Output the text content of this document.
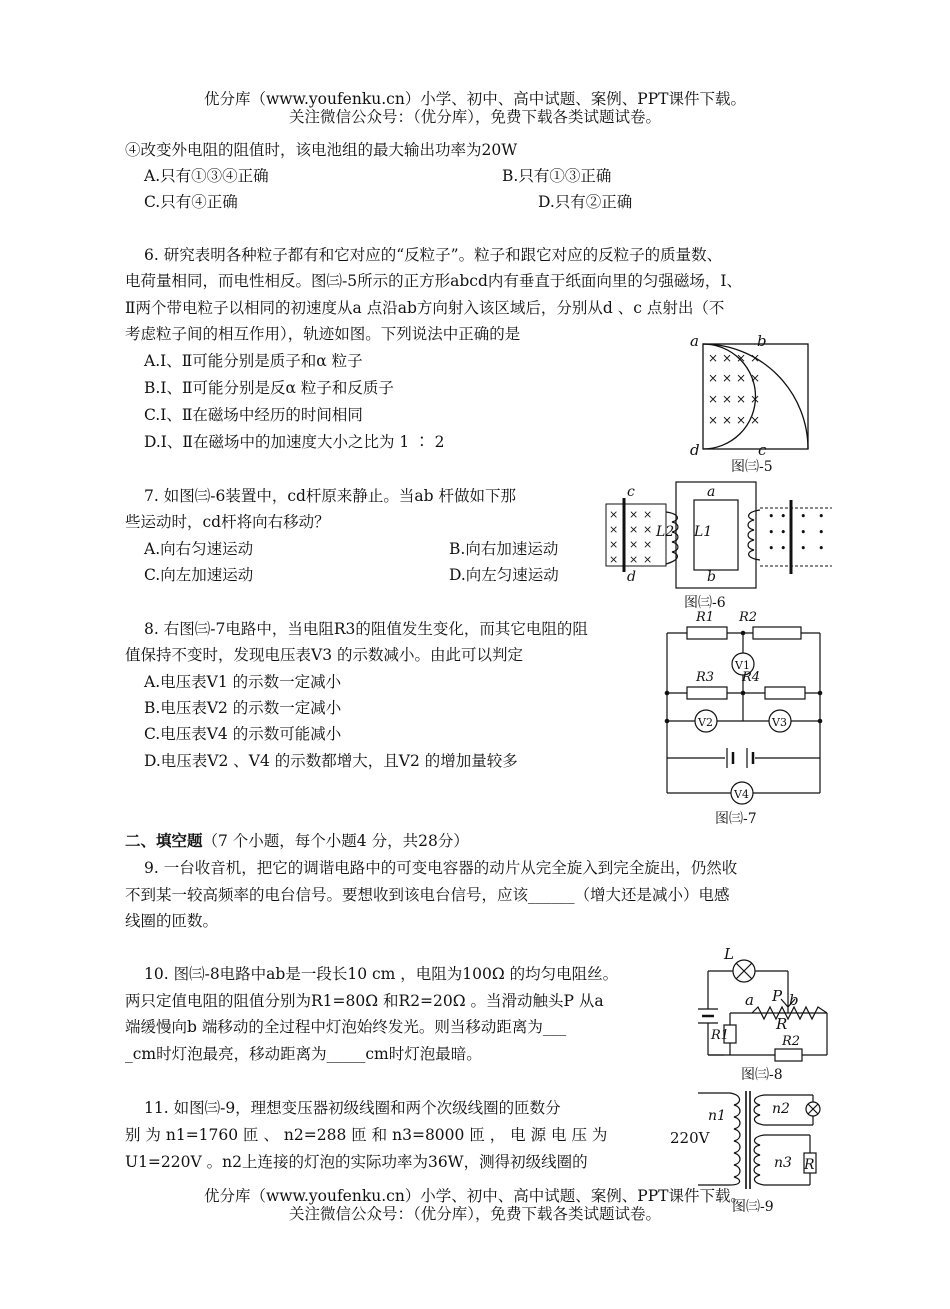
优分库（www.youfenku.cn）小学、初中、高中试题、案例、PPT课件下载。
关注微信公众号：（优分库），免费下载各类试题试卷。
④改变外电阻的阻值时，该电池组的最大输出功率为20W
A.只有①③④正确	B.只有①③正确
C.只有④正确	D.只有②正确
6. 研究表明各种粒子都有和它对应的“反粒子”。粒子和跟它对应的反粒子的质量数、
电荷量相同，而电性相反。图㈢-5所示的正方形abcd内有垂直于纸面向里的匀强磁场，Ⅰ、
Ⅱ两个带电粒子以相同的初速度从a 点沿ab方向射入该区域后，分别从d 、c 点射出（不
考虑粒子间的相互作用），轨迹如图。下列说法中正确的是
A.Ⅰ、Ⅱ可能分别是质子和α 粒子
B.Ⅰ、Ⅱ可能分别是反α 粒子和反质子
C.Ⅰ、Ⅱ在磁场中经历的时间相同
D.Ⅰ、Ⅱ在磁场中的加速度大小之比为 1 ∶ 2
× × × ×
× × × ×
× × × ×
× × × ×
a	b
d	c
图㈢-5
7. 如图㈢-6装置中，cd杆原来静止。当ab 杆做如下那
些运动时，cd杆将向右移动？
A.向右匀速运动	B.向右加速运动
C.向左加速运动	D.向左匀速运动
× × ×
× × ×
× × ×
× × ×
• • • •
• • • •
• • • •
c
d
a
b
L2 L1
图㈢-6
8. 右图㈢-7电路中，当电阻R3的阻值发生变化，而其它电阻的阻
值保持不变时，发现电压表V3 的示数减小。由此可以判定
A.电压表V1 的示数一定减小
B.电压表V2 的示数一定减小
C.电压表V4 的示数可能减小
D.电压表V2 、V4 的示数都增大，且V2 的增加量较多
R1 R2
R3 R4
V1
V2	V3
V4
图㈢-7
二、填空题（7 个小题，每个小题4 分，共28分）
9. 一台收音机，把它的调谐电路中的可变电容器的动片从完全旋入到完全旋出，仍然收
不到某一较高频率的电台信号。要想收到该电台信号，应该______（增大还是减小）电感
线圈的匝数。
10. 图㈢-8电路中ab是一段长10 cm ，电阻为100Ω 的均匀电阻丝。
两只定值电阻的阻值分别为R1=80Ω 和R2=20Ω 。当滑动触头P 从a
端缓慢向b 端移动的全过程中灯泡始终发光。则当移动距离为___
_cm时灯泡最亮，移动距离为_____cm时灯泡最暗。
L
a P b
R
R1	R2
图㈢-8
11. 如图㈢-9，理想变压器初级线圈和两个次级线圈的匝数分
别 为 n1=1760 匝 、 n2=288 匝 和 n3=8000 匝 ， 电 源 电 压 为
U1=220V 。n2上连接的灯泡的实际功率为36W，测得初级线圈的
n1	n2
n3 R
220V
图㈢-9
优分库（www.youfenku.cn）小学、初中、高中试题、案例、PPT课件下载。
关注微信公众号：（优分库），免费下载各类试题试卷。
